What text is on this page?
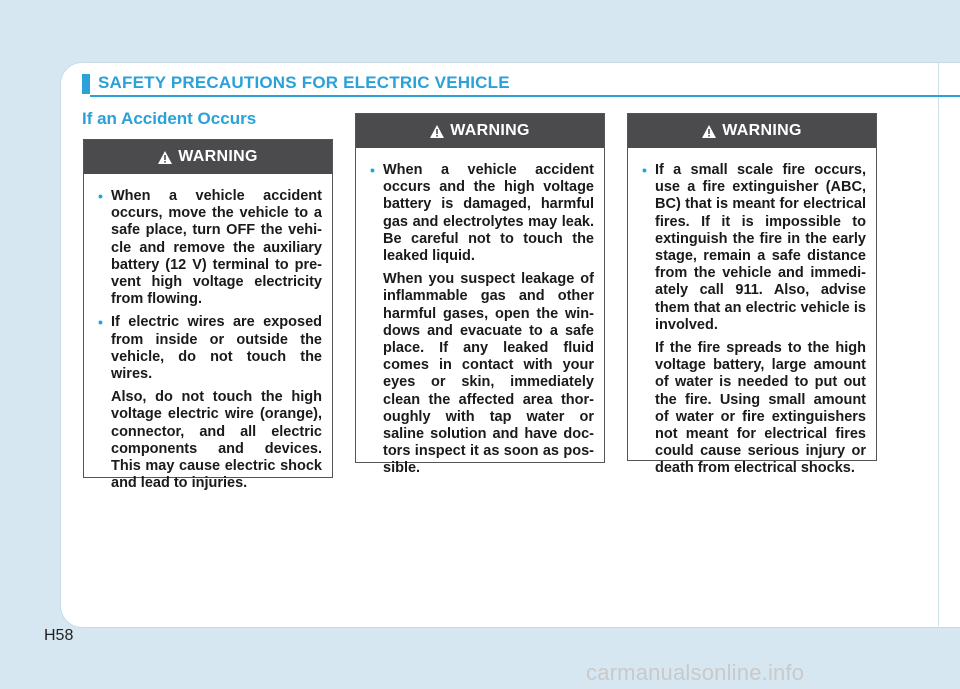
SAFETY PRECAUTIONS FOR ELECTRIC VEHICLE
If an Accident Occurs
WARNING
• When a vehicle accident occurs, move the vehicle to a safe place, turn OFF the vehi- cle and remove the auxiliary battery (12 V) terminal to pre- vent high voltage electricity from flowing.
• If electric wires are exposed from inside or outside the vehicle, do not touch the wires.
Also, do not touch the high voltage electric wire (orange), connector, and all electric components and devices. This may cause electric shock and lead to injuries.
WARNING
• When a vehicle accident occurs and the high voltage battery is damaged, harmful gas and electrolytes may leak. Be careful not to touch the leaked liquid.
When you suspect leakage of inflammable gas and other harmful gases, open the win- dows and evacuate to a safe place. If any leaked fluid comes in contact with your eyes or skin, immediately clean the affected area thor- oughly with tap water or saline solution and have doc- tors inspect it as soon as pos- sible.
WARNING
• If a small scale fire occurs, use a fire extinguisher (ABC, BC) that is meant for electrical fires. If it is impossible to extinguish the fire in the early stage, remain a safe distance from the vehicle and immedi- ately call 911. Also, advise them that an electric vehicle is involved.
If the fire spreads to the high voltage battery, large amount of water is needed to put out the fire. Using small amount of water or fire extinguishers not meant for electrical fires could cause serious injury or death from electrical shocks.
H58
carmanualsonline.info
